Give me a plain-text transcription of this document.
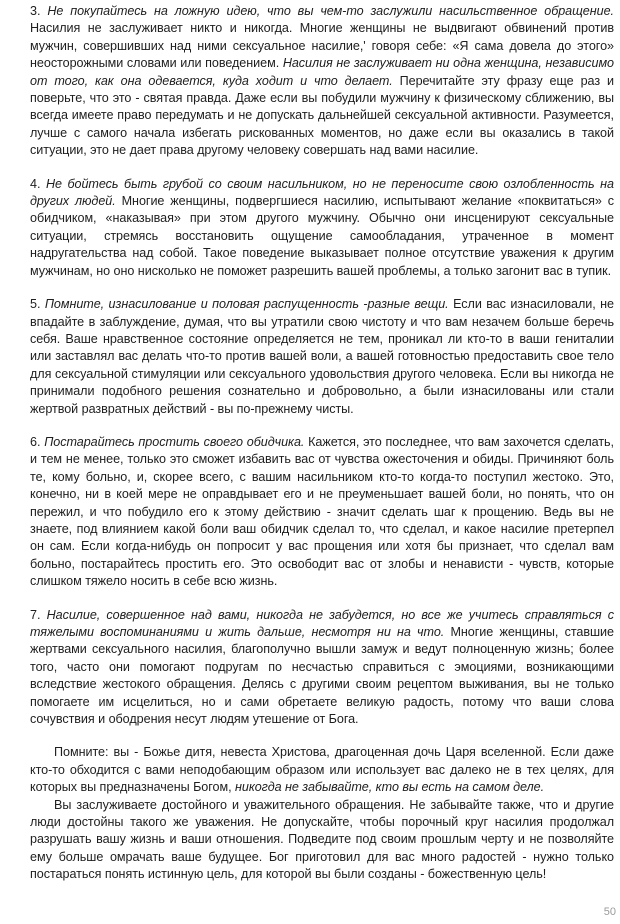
3. Не покупайтесь на ложную идею, что вы чем-то заслужили насильственное обращение. Насилия не заслуживает никто и никогда. Многие женщины не выдвигают обвинений против мужчин, совершивших над ними сексуальное насилие,' говоря себе: «Я сама довела до этого» неосторожными словами или поведением. Насилия не заслуживает ни одна женщина, независимо от того, как она одевается, куда ходит и что делает. Перечитайте эту фразу еще раз и поверьте, что это - святая правда. Даже если вы побудили мужчину к физическому сближению, вы всегда имеете право передумать и не допускать дальнейшей сексуальной активности. Разумеется, лучше с самого начала избегать рискованных моментов, но даже если вы оказались в такой ситуации, это не дает права другому человеку совершать над вами насилие.

4. Не бойтесь быть грубой со своим насильником, но не переносите свою озлобленность на других людей. Многие женщины, подвергшиеся насилию, испытывают желание «поквитаться» с обидчиком, «наказывая» при этом другого мужчину. Обычно они инсценируют сексуальные ситуации, стремясь восстановить ощущение самообладания, утраченное в момент надругательства над собой. Такое поведение выказывает полное отсутствие уважения к другим мужчинам, но оно нисколько не поможет разрешить вашей проблемы, а только загонит вас в тупик.

5. Помните, изнасилование и половая распущенность -разные вещи. Если вас изнасиловали, не впадайте в заблуждение, думая, что вы утратили свою чистоту и что вам незачем больше беречь себя. Ваше нравственное состояние определяется не тем, проникал ли кто-то в ваши гениталии или заставлял вас делать что-то против вашей воли, а вашей готовностью предоставить свое тело для сексуальной стимуляции или сексуального удовольствия другого человека. Если вы никогда не принимали подобного решения сознательно и добровольно, а были изнасилованы или стали жертвой развратных действий - вы по-прежнему чисты.

6. Постарайтесь простить своего обидчика. Кажется, это последнее, что вам захочется сделать, и тем не менее, только это сможет избавить вас от чувства ожесточения и обиды. Причиняют боль те, кому больно, и, скорее всего, с вашим насильником кто-то когда-то поступил жестоко. Это, конечно, ни в коей мере не оправдывает его и не преуменьшает вашей боли, но понять, что он пережил, и что побудило его к этому действию - значит сделать шаг к прощению. Ведь вы не знаете, под влиянием какой боли ваш обидчик сделал то, что сделал, и какое насилие претерпел он сам. Если когда-нибудь он попросит у вас прощения или хотя бы признает, что сделал вам больно, постарайтесь простить его. Это освободит вас от злобы и ненависти - чувств, которые слишком тяжело носить в себе всю жизнь.

7. Насилие, совершенное над вами, никогда не забудется, но все же учитесь справляться с тяжелыми воспоминаниями и жить дальше, несмотря ни на что. Многие женщины, ставшие жертвами сексуального насилия, благополучно вышли замуж и ведут полноценную жизнь; более того, часто они помогают подругам по несчастью справиться с эмоциями, возникающими вследствие жестокого обращения. Делясь с другими своим рецептом выживания, вы не только помогаете им исцелиться, но и сами обретаете великую радость, потому что ваши слова сочувствия и ободрения несут людям утешение от Бога.

Помните: вы - Божье дитя, невеста Христова, драгоценная дочь Царя вселенной. Если даже кто-то обходится с вами неподобающим образом или использует вас далеко не в тех целях, для которых вы предназначены Богом, никогда не забывайте, кто вы есть на самом деле.

Вы заслуживаете достойного и уважительного обращения. Не забывайте также, что и другие люди достойны такого же уважения. Не допускайте, чтобы порочный круг насилия продолжал разрушать вашу жизнь и ваши отношения. Подведите под своим прошлым черту и не позволяйте ему больше омрачать ваше будущее. Бог приготовил для вас много радостей - нужно только постараться понять истинную цель, для которой вы были созданы - божественную цель!

50
